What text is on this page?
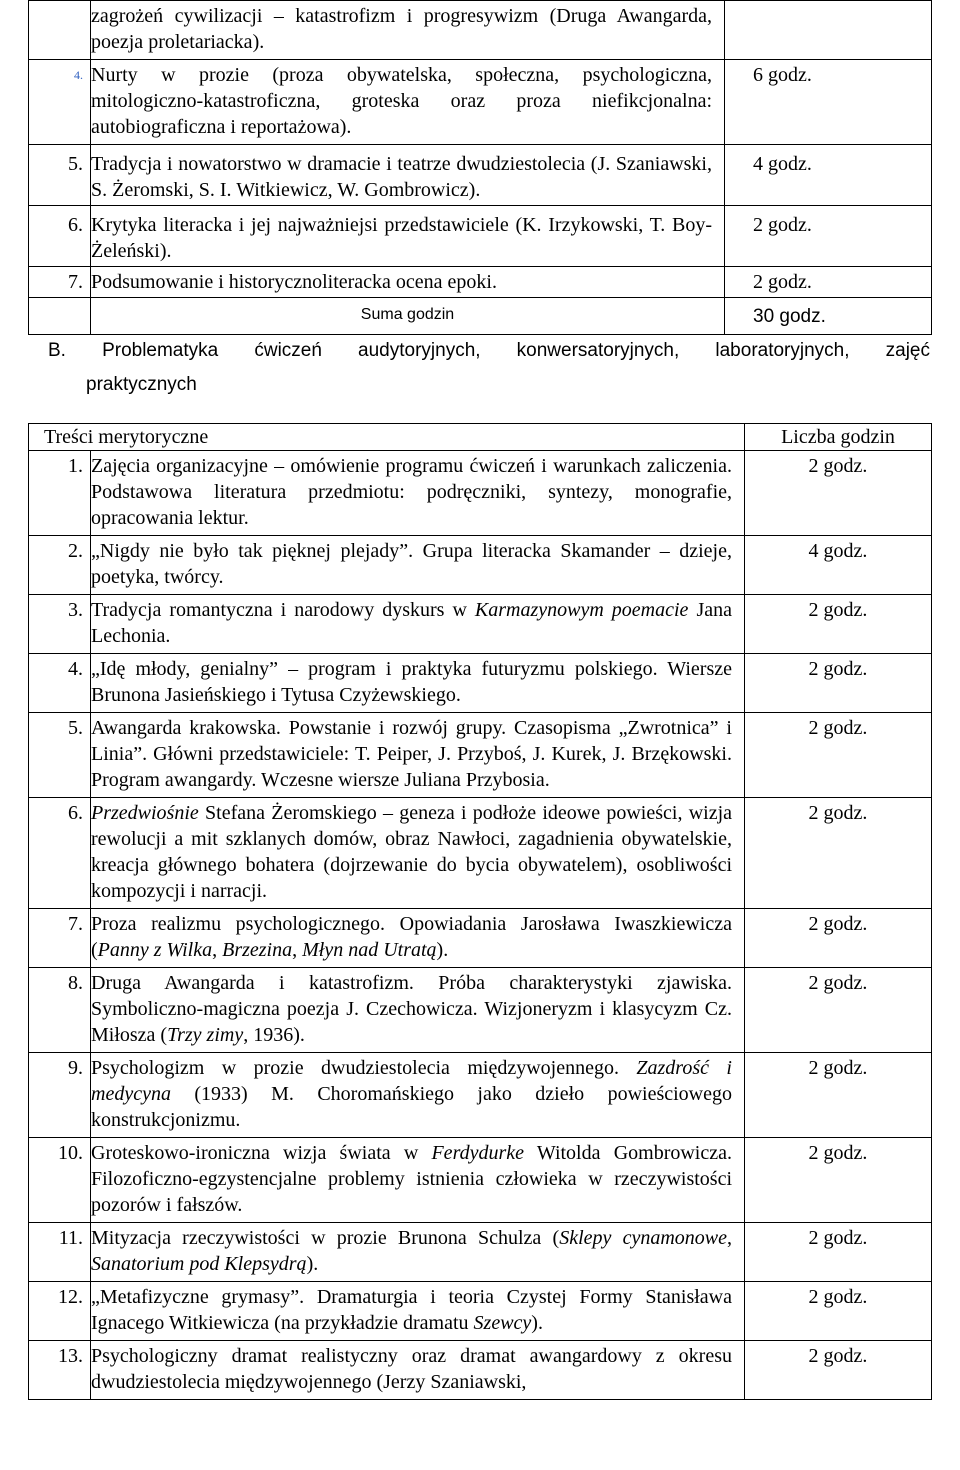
	zagrożeń cywilizacji – katastrofizm i progresywizm (Druga Awangarda, poezja proletariacka).	
4.	Nurty w prozie (proza obywatelska, społeczna, psychologiczna, mitologiczno-katastroficzna, groteska oraz proza niefikcjonalna: autobiograficzna i reportażowa).	6 godz.
5.	Tradycja i nowatorstwo w dramacie i teatrze dwudziestolecia (J. Szaniawski, S. Żeromski, S. I. Witkiewicz, W. Gombrowicz).	4 godz.
6.	Krytyka literacka i jej najważniejsi przedstawiciele (K. Irzykowski, T. Boy-Żeleński).	2 godz.
7.	Podsumowanie i historycznoliteracka ocena epoki.	2 godz.
	Suma godzin	30 godz.
B. Problematyka ćwiczeń audytoryjnych, konwersatoryjnych, laboratoryjnych, zajęć
praktycznych
Treści merytoryczne		Liczba godzin
1.	Zajęcia organizacyjne – omówienie programu ćwiczeń i warunkach zaliczenia. Podstawowa literatura przedmiotu: podręczniki, syntezy, monografie, opracowania lektur.	2 godz.
2.	„Nigdy nie było tak pięknej plejady”. Grupa literacka Skamander – dzieje, poetyka, twórcy.	4 godz.
3.	Tradycja romantyczna i narodowy dyskurs w Karmazynowym poemacie Jana Lechonia.	2 godz.
4.	„Idę młody, genialny” – program i praktyka futuryzmu polskiego. Wiersze Brunona Jasieńskiego i Tytusa Czyżewskiego.	2 godz.
5.	Awangarda krakowska. Powstanie i rozwój grupy. Czasopisma „Zwrotnica” i Linia”. Główni przedstawiciele: T. Peiper, J. Przyboś, J. Kurek, J. Brzękowski. Program awangardy. Wczesne wiersze Juliana Przybosia.	2 godz.
6.	Przedwiośnie Stefana Żeromskiego – geneza i podłoże ideowe powieści, wizja rewolucji a mit szklanych domów, obraz Nawłoci, zagadnienia obywatelskie, kreacja głównego bohatera (dojrzewanie do bycia obywatelem), osobliwości kompozycji i narracji.	2 godz.
7.	Proza realizmu psychologicznego. Opowiadania Jarosława Iwaszkiewicza (Panny z Wilka, Brzezina, Młyn nad Utratą).	2 godz.
8.	Druga Awangarda i katastrofizm. Próba charakterystyki zjawiska. Symboliczno-magiczna poezja J. Czechowicza. Wizjoneryzm i klasycyzm Cz. Miłosza (Trzy zimy, 1936).	2 godz.
9.	Psychologizm w prozie dwudziestolecia międzywojennego. Zazdrość i medycyna (1933) M. Choromańskiego jako dzieło powieściowego konstrukcjonizmu.	2 godz.
10.	Groteskowo-ironiczna wizja świata w Ferdydurke Witolda Gombrowicza. Filozoficzno-egzystencjalne problemy istnienia człowieka w rzeczywistości pozorów i fałszów.	2 godz.
11.	Mityzacja rzeczywistości w prozie Brunona Schulza (Sklepy cynamonowe, Sanatorium pod Klepsydrą).	2 godz.
12.	„Metafizyczne grymasy”. Dramaturgia i teoria Czystej Formy Stanisława Ignacego Witkiewicza (na przykładzie dramatu Szewcy).	2 godz.
13.	Psychologiczny dramat realistyczny oraz dramat awangardowy z okresu dwudziestolecia międzywojennego (Jerzy Szaniawski,	2 godz.
